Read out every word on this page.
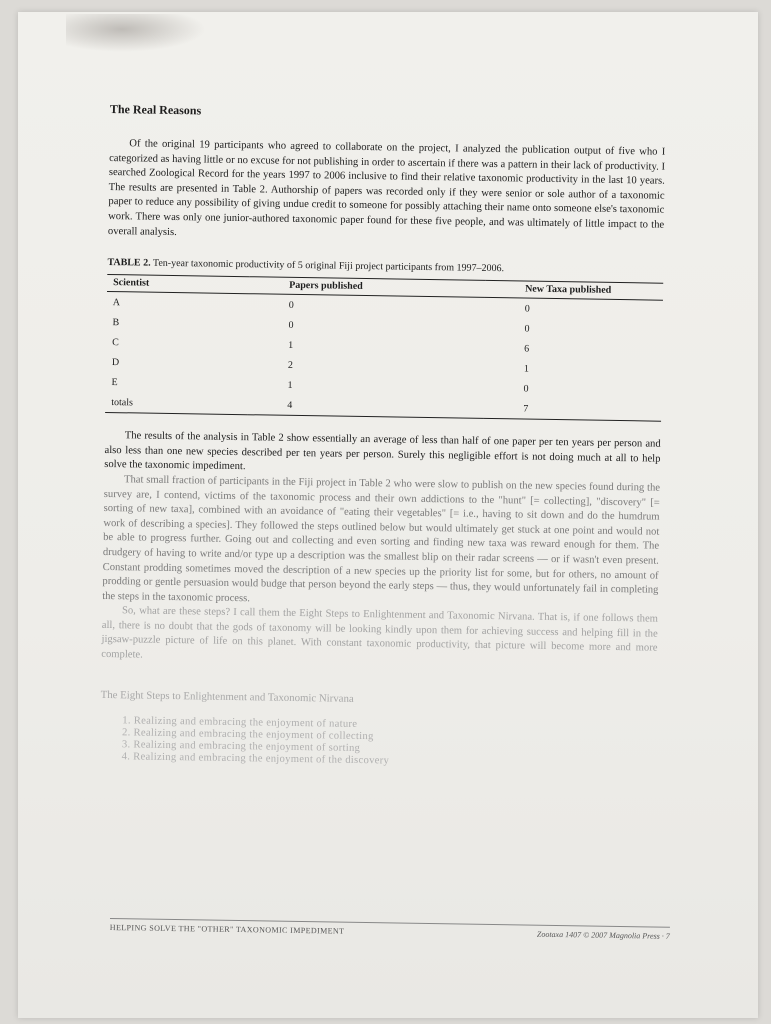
The Real Reasons

Of the original 19 participants who agreed to collaborate on the project, I analyzed the publication output of five who I categorized as having little or no excuse for not publishing in order to ascertain if there was a pattern in their lack of productivity. I searched Zoological Record for the years 1997 to 2006 inclusive to find their relative taxonomic productivity in the last 10 years. The results are presented in Table 2. Authorship of papers was recorded only if they were senior or sole author of a taxonomic paper to reduce any possibility of giving undue credit to someone for possibly attaching their name onto someone else's taxonomic work. There was only one junior-authored taxonomic paper found for these five people, and was ultimately of little impact to the overall analysis.

TABLE 2. Ten-year taxonomic productivity of 5 original Fiji project participants from 1997–2006.
Scientist	Papers published	New Taxa published
A	0	0
B	0	0
C	1	6
D	2	1
E	1	0
totals	4	7

The results of the analysis in Table 2 show essentially an average of less than half of one paper per ten years per person and also less than one new species described per ten years per person. Surely this negligible effort is not doing much at all to help solve the taxonomic impediment.

That small fraction of participants in the Fiji project in Table 2 who were slow to publish on the new species found during the survey are, I contend, victims of the taxonomic process and their own addictions to the "hunt" [= collecting], "discovery" [= sorting of new taxa], combined with an avoidance of "eating their vegetables" [= i.e., having to sit down and do the humdrum work of describing a species]. They followed the steps outlined below but would ultimately get stuck at one point and would not be able to progress further. Going out and collecting and even sorting and finding new taxa was reward enough for them. The drudgery of having to write and/or type up a description was the smallest blip on their radar screens — or if wasn't even present. Constant prodding sometimes moved the description of a new species up the priority list for some, but for others, no amount of prodding or gentle persuasion would budge that person beyond the early steps — thus, they would unfortunately fail in completing the steps in the taxonomic process.

So, what are these steps? I call them the Eight Steps to Enlightenment and Taxonomic Nirvana. That is, if one follows them all, there is no doubt that the gods of taxonomy will be looking kindly upon them for achieving success and helping fill in the jigsaw-puzzle picture of life on this planet. With constant taxonomic productivity, that picture will become more and more complete.

The Eight Steps to Enlightenment and Taxonomic Nirvana
1. Realizing and embracing the enjoyment of nature
2. Realizing and embracing the enjoyment of collecting
3. Realizing and embracing the enjoyment of sorting
4. Realizing and embracing the enjoyment of the discovery
HELPING SOLVE THE "OTHER" TAXONOMIC IMPEDIMENT	Zootaxa 1407 © 2007 Magnolia Press · 7
